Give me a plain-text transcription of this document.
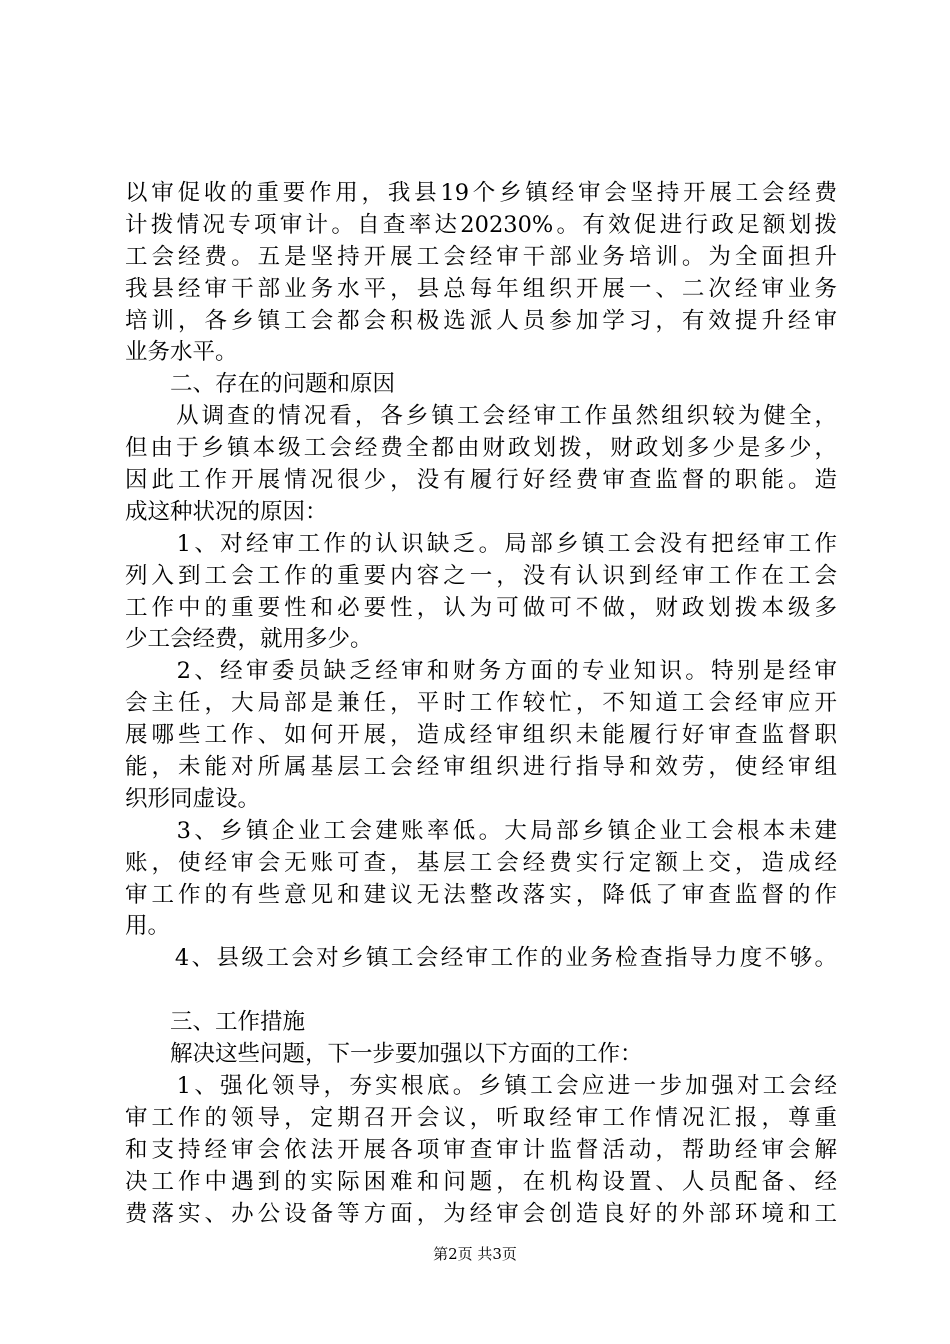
以审促收的重要作用，我县19个乡镇经审会坚持开展工会经费
计拨情况专项审计。自查率达20230%。有效促进行政足额划拨
工会经费。五是坚持开展工会经审干部业务培训。为全面担升
我县经审干部业务水平，县总每年组织开展一、二次经审业务
培训，各乡镇工会都会积极选派人员参加学习，有效提升经审
业务水平。
　　二、存在的问题和原因
　　从调查的情况看，各乡镇工会经审工作虽然组织较为健全，
但由于乡镇本级工会经费全都由财政划拨，财政划多少是多少，
因此工作开展情况很少，没有履行好经费审查监督的职能。造
成这种状况的原因：
　　1、对经审工作的认识缺乏。局部乡镇工会没有把经审工作
列入到工会工作的重要内容之一，没有认识到经审工作在工会
工作中的重要性和必要性，认为可做可不做，财政划拨本级多
少工会经费，就用多少。
　　2、经审委员缺乏经审和财务方面的专业知识。特别是经审
会主任，大局部是兼任，平时工作较忙，不知道工会经审应开
展哪些工作、如何开展，造成经审组织未能履行好审查监督职
能，未能对所属基层工会经审组织进行指导和效劳，使经审组
织形同虚设。
　　3、乡镇企业工会建账率低。大局部乡镇企业工会根本未建
账，使经审会无账可查，基层工会经费实行定额上交，造成经
审工作的有些意见和建议无法整改落实，降低了审查监督的作
用。
　　4、县级工会对乡镇工会经审工作的业务检查指导力度不够。
　　三、工作措施
　　解决这些问题，下一步要加强以下方面的工作：
　　1、强化领导，夯实根底。乡镇工会应进一步加强对工会经
审工作的领导，定期召开会议，听取经审工作情况汇报，尊重
和支持经审会依法开展各项审查审计监督活动，帮助经审会解
决工作中遇到的实际困难和问题，在机构设置、人员配备、经
费落实、办公设备等方面，为经审会创造良好的外部环境和工
第2页 共3页
